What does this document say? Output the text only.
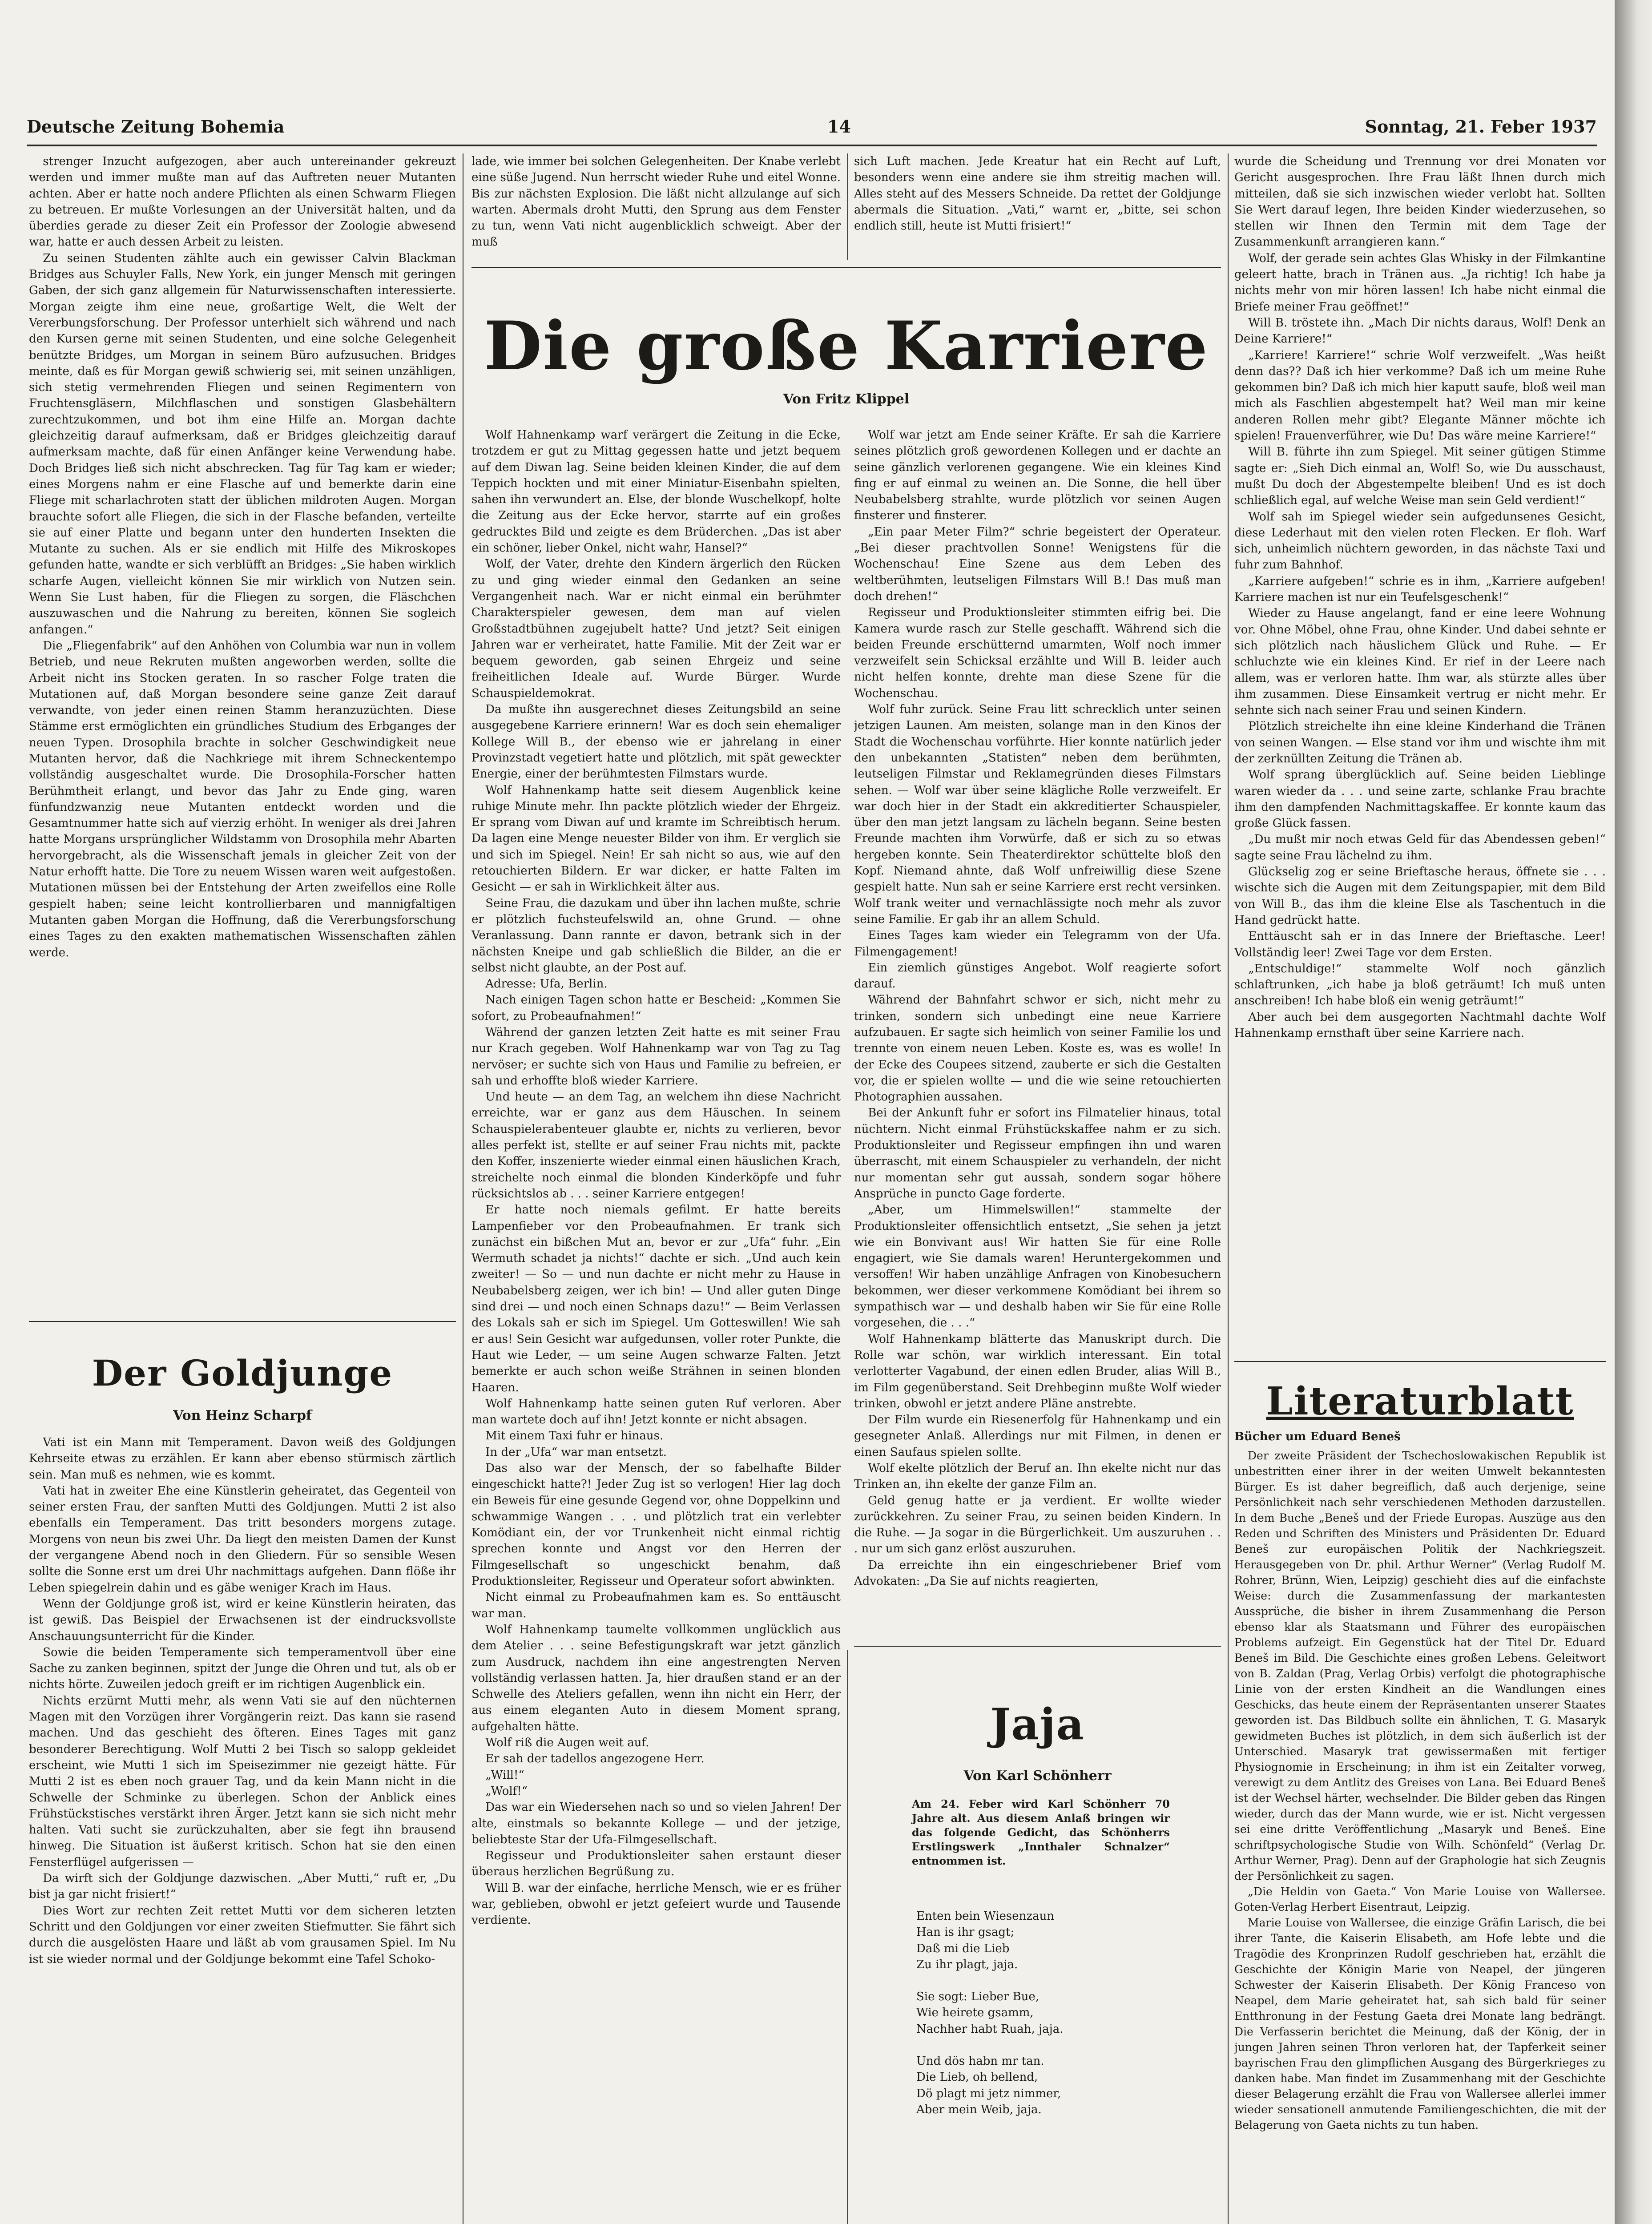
Deutsche Zeitung Bohemia	14	Sonntag, 21. Feber 1937

strenger Inzucht aufgezogen, aber auch untereinander gekreuzt werden und immer mußte man auf das Auftreten neuer Mutanten achten. Aber er hatte noch andere Pflichten als einen Schwarm Fliegen zu betreuen. Er mußte Vorlesungen an der Universität halten, und da überdies gerade zu dieser Zeit ein Professor der Zoologie abwesend war, hatte er auch dessen Arbeit zu leisten.

Zu seinen Studenten zählte auch ein gewisser Calvin Blackman Bridges aus Schuyler Falls, New York, ein junger Mensch mit geringen Gaben, der sich ganz allgemein für Naturwissenschaften interessierte. Morgan zeigte ihm eine neue, großartige Welt, die Welt der Vererbungsforschung. Der Professor unterhielt sich während und nach den Kursen gerne mit seinen Studenten, und eine solche Gelegenheit benützte Bridges, um Morgan in seinem Büro aufzusuchen. Bridges meinte, daß es für Morgan gewiß schwierig sei, mit seinen unzähligen, sich stetig vermehrenden Fliegen und seinen Regimentern von Fruchtensgläsern, Milchflaschen und sonstigen Glasbehältern zurechtzukommen, und bot ihm eine Hilfe an. Morgan dachte gleichzeitig darauf aufmerksam, daß er Bridges gleichzeitig darauf aufmerksam machte, daß für einen Anfänger keine Verwendung habe. Doch Bridges ließ sich nicht abschrecken. Tag für Tag kam er wieder; eines Morgens nahm er eine Flasche auf und bemerkte darin eine Fliege mit scharlachroten statt der üblichen mildroten Augen. Morgan brauchte sofort alle Fliegen, die sich in der Flasche befanden, verteilte sie auf einer Platte und begann unter den hunderten Insekten die Mutante zu suchen. Als er sie endlich mit Hilfe des Mikroskopes gefunden hatte, wandte er sich verblüfft an Bridges: „Sie haben wirklich scharfe Augen, vielleicht können Sie mir wirklich von Nutzen sein. Wenn Sie Lust haben, für die Fliegen zu sorgen, die Fläschchen auszuwaschen und die Nahrung zu bereiten, können Sie sogleich anfangen.“

Die „Fliegenfabrik“ auf den Anhöhen von Columbia war nun in vollem Betrieb, und neue Rekruten mußten angeworben werden, sollte die Arbeit nicht ins Stocken geraten. In so rascher Folge traten die Mutationen auf, daß Morgan besondere seine ganze Zeit darauf verwandte, von jeder einen reinen Stamm heranzuzüchten. Diese Stämme erst ermöglichten ein gründliches Studium des Erbganges der neuen Typen. Drosophila brachte in solcher Geschwindigkeit neue Mutanten hervor, daß die Nachkriege mit ihrem Schneckentempo vollständig ausgeschaltet wurde. Die Drosophila-Forscher hatten Berühmtheit erlangt, und bevor das Jahr zu Ende ging, waren fünfundzwanzig neue Mutanten entdeckt worden und die Gesamtnummer hatte sich auf vierzig erhöht. In weniger als drei Jahren hatte Morgans ursprünglicher Wildstamm von Drosophila mehr Abarten hervorgebracht, als die Wissenschaft jemals in gleicher Zeit von der Natur erhofft hatte. Die Tore zu neuem Wissen waren weit aufgestoßen. Mutationen müssen bei der Entstehung der Arten zweifellos eine Rolle gespielt haben; seine leicht kontrollierbaren und mannigfaltigen Mutanten gaben Morgan die Hoffnung, daß die Vererbungsforschung eines Tages zu den exakten mathematischen Wissenschaften zählen werde.

Der Goldjunge
Von Heinz Scharpf

Vati ist ein Mann mit Temperament. Davon weiß des Goldjungen Kehrseite etwas zu erzählen. Er kann aber ebenso stürmisch zärtlich sein. Man muß es nehmen, wie es kommt.

Vati hat in zweiter Ehe eine Künstlerin geheiratet, das Gegenteil von seiner ersten Frau, der sanften Mutti des Goldjungen. Mutti 2 ist also ebenfalls ein Temperament. Das tritt besonders morgens zutage. Morgens von neun bis zwei Uhr. Da liegt den meisten Damen der Kunst der vergangene Abend noch in den Gliedern. Für so sensible Wesen sollte die Sonne erst um drei Uhr nachmittags aufgehen. Dann flöße ihr Leben spiegelrein dahin und es gäbe weniger Krach im Haus.

Wenn der Goldjunge groß ist, wird er keine Künstlerin heiraten, das ist gewiß. Das Beispiel der Erwachsenen ist der eindrucksvollste Anschauungsunterricht für die Kinder.

Sowie die beiden Temperamente sich temperamentvoll über eine Sache zu zanken beginnen, spitzt der Junge die Ohren und tut, als ob er nichts hörte. Zuweilen jedoch greift er im richtigen Augenblick ein.

Nichts erzürnt Mutti mehr, als wenn Vati sie auf den nüchternen Magen mit den Vorzügen ihrer Vorgängerin reizt. Das kann sie rasend machen. Und das geschieht des öfteren. Eines Tages mit ganz besonderer Berechtigung. Wolf Mutti 2 bei Tisch so salopp gekleidet erscheint, wie Mutti 1 sich im Speisezimmer nie gezeigt hätte. Für Mutti 2 ist es eben noch grauer Tag, und da kein Mann nicht in die Schwelle der Schminke zu überlegen. Schon der Anblick eines Frühstückstisches verstärkt ihren Ärger. Jetzt kann sie sich nicht mehr halten. Vati sucht sie zurückzuhalten, aber sie fegt ihn brausend hinweg. Die Situation ist äußerst kritisch. Schon hat sie den einen Fensterflügel aufgerissen —

Da wirft sich der Goldjunge dazwischen. „Aber Mutti,“ ruft er, „Du bist ja gar nicht frisiert!“

Dies Wort zur rechten Zeit rettet Mutti vor dem sicheren letzten Schritt und den Goldjungen vor einer zweiten Stiefmutter. Sie fährt sich durch die ausgelösten Haare und läßt ab vom grausamen Spiel. Im Nu ist sie wieder normal und der Goldjunge bekommt eine Tafel Schoko-

lade, wie immer bei solchen Gelegenheiten. Der Knabe verlebt eine süße Jugend. Nun herrscht wieder Ruhe und eitel Wonne. Bis zur nächsten Explosion. Die läßt nicht allzulange auf sich warten. Abermals droht Mutti, den Sprung aus dem Fenster zu tun, wenn Vati nicht augenblicklich schweigt. Aber der muß

sich Luft machen. Jede Kreatur hat ein Recht auf Luft, besonders wenn eine andere sie ihm streitig machen will. Alles steht auf des Messers Schneide. Da rettet der Goldjunge abermals die Situation. „Vati,“ warnt er, „bitte, sei schon endlich still, heute ist Mutti frisiert!“

Die große Karriere
Von Fritz Klippel

Wolf Hahnenkamp warf verärgert die Zeitung in die Ecke, trotzdem er gut zu Mittag gegessen hatte und jetzt bequem auf dem Diwan lag. Seine beiden kleinen Kinder, die auf dem Teppich hockten und mit einer Miniatur-Eisenbahn spielten, sahen ihn verwundert an. Else, der blonde Wuschelkopf, holte die Zeitung aus der Ecke hervor, starrte auf ein großes gedrucktes Bild und zeigte es dem Brüderchen. „Das ist aber ein schöner, lieber Onkel, nicht wahr, Hansel?“

Wolf, der Vater, drehte den Kindern ärgerlich den Rücken zu und ging wieder einmal den Gedanken an seine Vergangenheit nach. War er nicht einmal ein berühmter Charakterspieler gewesen, dem man auf vielen Großstadtbühnen zugejubelt hatte? Und jetzt? Seit einigen Jahren war er verheiratet, hatte Familie. Mit der Zeit war er bequem geworden, gab seinen Ehrgeiz und seine freiheitlichen Ideale auf. Wurde Bürger. Wurde Schauspieldemokrat.

Da mußte ihn ausgerechnet dieses Zeitungsbild an seine ausgegebene Karriere erinnern! War es doch sein ehemaliger Kollege Will B., der ebenso wie er jahrelang in einer Provinzstadt vegetiert hatte und plötzlich, mit spät geweckter Energie, einer der berühmtesten Filmstars wurde.

Wolf Hahnenkamp hatte seit diesem Augenblick keine ruhige Minute mehr. Ihn packte plötzlich wieder der Ehrgeiz. Er sprang vom Diwan auf und kramte im Schreibtisch herum. Da lagen eine Menge neuester Bilder von ihm. Er verglich sie und sich im Spiegel. Nein! Er sah nicht so aus, wie auf den retouchierten Bildern. Er war dicker, er hatte Falten im Gesicht — er sah in Wirklichkeit älter aus.

Seine Frau, die dazukam und über ihn lachen mußte, schrie er plötzlich fuchsteufelswild an, ohne Grund. — ohne Veranlassung. Dann rannte er davon, betrank sich in der nächsten Kneipe und gab schließlich die Bilder, an die er selbst nicht glaubte, an der Post auf.

Adresse: Ufa, Berlin.

Nach einigen Tagen schon hatte er Bescheid: „Kommen Sie sofort, zu Probeaufnahmen!“

Während der ganzen letzten Zeit hatte es mit seiner Frau nur Krach gegeben. Wolf Hahnenkamp war von Tag zu Tag nervöser; er suchte sich von Haus und Familie zu befreien, er sah und erhoffte bloß wieder Karriere.

Und heute — an dem Tag, an welchem ihn diese Nachricht erreichte, war er ganz aus dem Häuschen. In seinem Schauspielerabenteuer glaubte er, nichts zu verlieren, bevor alles perfekt ist, stellte er auf seiner Frau nichts mit, packte den Koffer, inszenierte wieder einmal einen häuslichen Krach, streichelte noch einmal die blonden Kinderköpfe und fuhr rücksichtslos ab . . . seiner Karriere entgegen!

Er hatte noch niemals gefilmt. Er hatte bereits Lampenfieber vor den Probeaufnahmen. Er trank sich zunächst ein bißchen Mut an, bevor er zur „Ufa“ fuhr. „Ein Wermuth schadet ja nichts!“ dachte er sich. „Und auch kein zweiter! — So — und nun dachte er nicht mehr zu Hause in Neubabelsberg zeigen, wer ich bin! — Und aller guten Dinge sind drei — und noch einen Schnaps dazu!“ — Beim Verlassen des Lokals sah er sich im Spiegel. Um Gotteswillen! Wie sah er aus! Sein Gesicht war aufgedunsen, voller roter Punkte, die Haut wie Leder, — um seine Augen schwarze Falten. Jetzt bemerkte er auch schon weiße Strähnen in seinen blonden Haaren.

Wolf Hahnenkamp hatte seinen guten Ruf verloren. Aber man wartete doch auf ihn! Jetzt konnte er nicht absagen.

Mit einem Taxi fuhr er hinaus.

In der „Ufa“ war man entsetzt.

Das also war der Mensch, der so fabelhafte Bilder eingeschickt hatte?! Jeder Zug ist so verlogen! Hier lag doch ein Beweis für eine gesunde Gegend vor, ohne Doppelkinn und schwammige Wangen . . . und plötzlich trat ein verlebter Komödiant ein, der vor Trunkenheit nicht einmal richtig sprechen konnte und Angst vor den Herren der Filmgesellschaft so ungeschickt benahm, daß Produktionsleiter, Regisseur und Operateur sofort abwinkten.

Nicht einmal zu Probeaufnahmen kam es. So enttäuscht war man.

Wolf Hahnenkamp taumelte vollkommen unglücklich aus dem Atelier . . . seine Befestigungskraft war jetzt gänzlich zum Ausdruck, nachdem ihn eine angestrengten Nerven vollständig verlassen hatten. Ja, hier draußen stand er an der Schwelle des Ateliers gefallen, wenn ihn nicht ein Herr, der aus einem eleganten Auto in diesem Moment sprang, aufgehalten hätte.

Wolf riß die Augen weit auf.

Er sah der tadellos angezogene Herr.

„Will!“

„Wolf!“

Das war ein Wiedersehen nach so und so vielen Jahren! Der alte, einstmals so bekannte Kollege — und der jetzige, beliebteste Star der Ufa-Filmgesellschaft.

Regisseur und Produktionsleiter sahen erstaunt dieser überaus herzlichen Begrüßung zu.

Will B. war der einfache, herrliche Mensch, wie er es früher war, geblieben, obwohl er jetzt gefeiert wurde und Tausende verdiente.

Wolf war jetzt am Ende seiner Kräfte. Er sah die Karriere seines plötzlich groß gewordenen Kollegen und er dachte an seine gänzlich verlorenen gegangene. Wie ein kleines Kind fing er auf einmal zu weinen an. Die Sonne, die hell über Neubabelsberg strahlte, wurde plötzlich vor seinen Augen finsterer und finsterer.

„Ein paar Meter Film?“ schrie begeistert der Operateur. „Bei dieser prachtvollen Sonne! Wenigstens für die Wochenschau! Eine Szene aus dem Leben des weltberühmten, leutseligen Filmstars Will B.! Das muß man doch drehen!“

Regisseur und Produktionsleiter stimmten eifrig bei. Die Kamera wurde rasch zur Stelle geschafft. Während sich die beiden Freunde erschütternd umarmten, Wolf noch immer verzweifelt sein Schicksal erzählte und Will B. leider auch nicht helfen konnte, drehte man diese Szene für die Wochenschau.

Wolf fuhr zurück. Seine Frau litt schrecklich unter seinen jetzigen Launen. Am meisten, solange man in den Kinos der Stadt die Wochenschau vorführte. Hier konnte natürlich jeder den unbekannten „Statisten“ neben dem berühmten, leutseligen Filmstar und Reklamegründen dieses Filmstars sehen. — Wolf war über seine klägliche Rolle verzweifelt. Er war doch hier in der Stadt ein akkreditierter Schauspieler, über den man jetzt langsam zu lächeln begann. Seine besten Freunde machten ihm Vorwürfe, daß er sich zu so etwas hergeben konnte. Sein Theaterdirektor schüttelte bloß den Kopf. Niemand ahnte, daß Wolf unfreiwillig diese Szene gespielt hatte. Nun sah er seine Karriere erst recht versinken. Wolf trank weiter und vernachlässigte noch mehr als zuvor seine Familie. Er gab ihr an allem Schuld.

Eines Tages kam wieder ein Telegramm von der Ufa. Filmengagement!

Ein ziemlich günstiges Angebot. Wolf reagierte sofort darauf.

Während der Bahnfahrt schwor er sich, nicht mehr zu trinken, sondern sich unbedingt eine neue Karriere aufzubauen. Er sagte sich heimlich von seiner Familie los und trennte von einem neuen Leben. Koste es, was es wolle! In der Ecke des Coupees sitzend, zauberte er sich die Gestalten vor, die er spielen wollte — und die wie seine retouchierten Photographien aussahen.

Bei der Ankunft fuhr er sofort ins Filmatelier hinaus, total nüchtern. Nicht einmal Frühstückskaffee nahm er zu sich. Produktionsleiter und Regisseur empfingen ihn und waren überrascht, mit einem Schauspieler zu verhandeln, der nicht nur momentan sehr gut aussah, sondern sogar höhere Ansprüche in puncto Gage forderte.

„Aber, um Himmelswillen!“ stammelte der Produktionsleiter offensichtlich entsetzt, „Sie sehen ja jetzt wie ein Bonvivant aus! Wir hatten Sie für eine Rolle engagiert, wie Sie damals waren! Heruntergekommen und versoffen! Wir haben unzählige Anfragen von Kinobesuchern bekommen, wer dieser verkommene Komödiant bei ihrem so sympathisch war — und deshalb haben wir Sie für eine Rolle vorgesehen, die . . .“

Wolf Hahnenkamp blätterte das Manuskript durch. Die Rolle war schön, war wirklich interessant. Ein total verlotterter Vagabund, der einen edlen Bruder, alias Will B., im Film gegenüberstand. Seit Drehbeginn mußte Wolf wieder trinken, obwohl er jetzt andere Pläne anstrebte.

Der Film wurde ein Riesenerfolg für Hahnenkamp und ein gesegneter Anlaß. Allerdings nur mit Filmen, in denen er einen Saufaus spielen sollte.

Wolf ekelte plötzlich der Beruf an. Ihn ekelte nicht nur das Trinken an, ihn ekelte der ganze Film an.

Geld genug hatte er ja verdient. Er wollte wieder zurückkehren. Zu seiner Frau, zu seinen beiden Kindern. In die Ruhe. — Ja sogar in die Bürgerlichkeit. Um auszuruhen . . . nur um sich ganz erlöst auszuruhen.

Da erreichte ihn ein eingeschriebener Brief vom Advokaten: „Da Sie auf nichts reagierten,

Jaja
Von Karl Schönherr
Am 24. Feber wird Karl Schönherr 70 Jahre alt. Aus diesem Anlaß bringen wir das folgende Gedicht, das Schönherrs Erstlingswerk „Innthaler Schnalzer“ entnommen ist.

Enten bein Wiesenzaun

Han is ihr gsagt;

Daß mi die Lieb

Zu ihr plagt, jaja.

Sie sogt: Lieber Bue,

Wie heirete gsamm,

Nachher habt Ruah, jaja.

Und dös habn mr tan.

Die Lieb, oh bellend,

Dö plagt mi jetz nimmer,

Aber mein Weib, jaja.

wurde die Scheidung und Trennung vor drei Monaten vor Gericht ausgesprochen. Ihre Frau läßt Ihnen durch mich mitteilen, daß sie sich inzwischen wieder verlobt hat. Sollten Sie Wert darauf legen, Ihre beiden Kinder wiederzusehen, so stellen wir Ihnen den Termin mit dem Tage der Zusammenkunft arrangieren kann.“

Wolf, der gerade sein achtes Glas Whisky in der Filmkantine geleert hatte, brach in Tränen aus. „Ja richtig! Ich habe ja nichts mehr von mir hören lassen! Ich habe nicht einmal die Briefe meiner Frau geöffnet!“

Will B. tröstete ihn. „Mach Dir nichts daraus, Wolf! Denk an Deine Karriere!“

„Karriere! Karriere!“ schrie Wolf verzweifelt. „Was heißt denn das?? Daß ich hier verkomme? Daß ich um meine Ruhe gekommen bin? Daß ich mich hier kaputt saufe, bloß weil man mich als Faschlien abgestempelt hat? Weil man mir keine anderen Rollen mehr gibt? Elegante Männer möchte ich spielen! Frauenverführer, wie Du! Das wäre meine Karriere!“

Will B. führte ihn zum Spiegel. Mit seiner gütigen Stimme sagte er: „Sieh Dich einmal an, Wolf! So, wie Du ausschaust, mußt Du doch der Abgestempelte bleiben! Und es ist doch schließlich egal, auf welche Weise man sein Geld verdient!“

Wolf sah im Spiegel wieder sein aufgedunsenes Gesicht, diese Lederhaut mit den vielen roten Flecken. Er floh. Warf sich, unheimlich nüchtern geworden, in das nächste Taxi und fuhr zum Bahnhof.

„Karriere aufgeben!“ schrie es in ihm, „Karriere aufgeben! Karriere machen ist nur ein Teufelsgeschenk!“

Wieder zu Hause angelangt, fand er eine leere Wohnung vor. Ohne Möbel, ohne Frau, ohne Kinder. Und dabei sehnte er sich plötzlich nach häuslichem Glück und Ruhe. — Er schluchzte wie ein kleines Kind. Er rief in der Leere nach allem, was er verloren hatte. Ihm war, als stürzte alles über ihm zusammen. Diese Einsamkeit vertrug er nicht mehr. Er sehnte sich nach seiner Frau und seinen Kindern.

Plötzlich streichelte ihn eine kleine Kinderhand die Tränen von seinen Wangen. — Else stand vor ihm und wischte ihm mit der zerknüllten Zeitung die Tränen ab.

Wolf sprang überglücklich auf. Seine beiden Lieblinge waren wieder da . . . und seine zarte, schlanke Frau brachte ihm den dampfenden Nachmittagskaffee. Er konnte kaum das große Glück fassen.

„Du mußt mir noch etwas Geld für das Abendessen geben!“ sagte seine Frau lächelnd zu ihm.

Glückselig zog er seine Brieftasche heraus, öffnete sie . . . wischte sich die Augen mit dem Zeitungspapier, mit dem Bild von Will B., das ihm die kleine Else als Taschentuch in die Hand gedrückt hatte.

Enttäuscht sah er in das Innere der Brieftasche. Leer! Vollständig leer! Zwei Tage vor dem Ersten.

„Entschuldige!“ stammelte Wolf noch gänzlich schlaftrunken, „ich habe ja bloß geträumt! Ich muß unten anschreiben! Ich habe bloß ein wenig geträumt!“

Aber auch bei dem ausgegorten Nachtmahl dachte Wolf Hahnenkamp ernsthaft über seine Karriere nach.

Literaturblatt
Bücher um Eduard Beneš

Der zweite Präsident der Tschechoslowakischen Republik ist unbestritten einer ihrer in der weiten Umwelt bekanntesten Bürger. Es ist daher begreiflich, daß auch derjenige, seine Persönlichkeit nach sehr verschiedenen Methoden darzustellen. In dem Buche „Beneš und der Friede Europas. Auszüge aus den Reden und Schriften des Ministers und Präsidenten Dr. Eduard Beneš zur europäischen Politik der Nachkriegszeit. Herausgegeben von Dr. phil. Arthur Werner“ (Verlag Rudolf M. Rohrer, Brünn, Wien, Leipzig) geschieht dies auf die einfachste Weise: durch die Zusammenfassung der markantesten Aussprüche, die bisher in ihrem Zusammenhang die Person ebenso klar als Staatsmann und Führer des europäischen Problems aufzeigt. Ein Gegenstück hat der Titel Dr. Eduard Beneš im Bild. Die Geschichte eines großen Lebens. Geleitwort von B. Zaldan (Prag, Verlag Orbis) verfolgt die photographische Linie von der ersten Kindheit an die Wandlungen eines Geschicks, das heute einem der Repräsentanten unserer Staates geworden ist. Das Bildbuch sollte ein ähnlichen, T. G. Masaryk gewidmeten Buches ist plötzlich, in dem sich äußerlich ist der Unterschied. Masaryk trat gewissermaßen mit fertiger Physiognomie in Erscheinung; in ihm ist ein Zeitalter vorweg, verewigt zu dem Antlitz des Greises von Lana. Bei Eduard Beneš ist der Wechsel härter, wechselnder. Die Bilder geben das Ringen wieder, durch das der Mann wurde, wie er ist. Nicht vergessen sei eine dritte Veröffentlichung „Masaryk und Beneš. Eine schriftpsychologische Studie von Wilh. Schönfeld“ (Verlag Dr. Arthur Werner, Prag). Denn auf der Graphologie hat sich Zeugnis der Persönlichkeit zu sagen.

„Die Heldin von Gaeta.“ Von Marie Louise von Wallersee. Goten-Verlag Herbert Eisentraut, Leipzig.

Marie Louise von Wallersee, die einzige Gräfin Larisch, die bei ihrer Tante, die Kaiserin Elisabeth, am Hofe lebte und die Tragödie des Kronprinzen Rudolf geschrieben hat, erzählt die Geschichte der Königin Marie von Neapel, der jüngeren Schwester der Kaiserin Elisabeth. Der König Franceso von Neapel, dem Marie geheiratet hat, sah sich bald für seiner Entthronung in der Festung Gaeta drei Monate lang bedrängt. Die Verfasserin berichtet die Meinung, daß der König, der in jungen Jahren seinen Thron verloren hat, der Tapferkeit seiner bayrischen Frau den glimpflichen Ausgang des Bürgerkrieges zu danken habe. Man findet im Zusammenhang mit der Geschichte dieser Belagerung erzählt die Frau von Wallersee allerlei immer wieder sensationell anmutende Familiengeschichten, die mit der Belagerung von Gaeta nichts zu tun haben.
